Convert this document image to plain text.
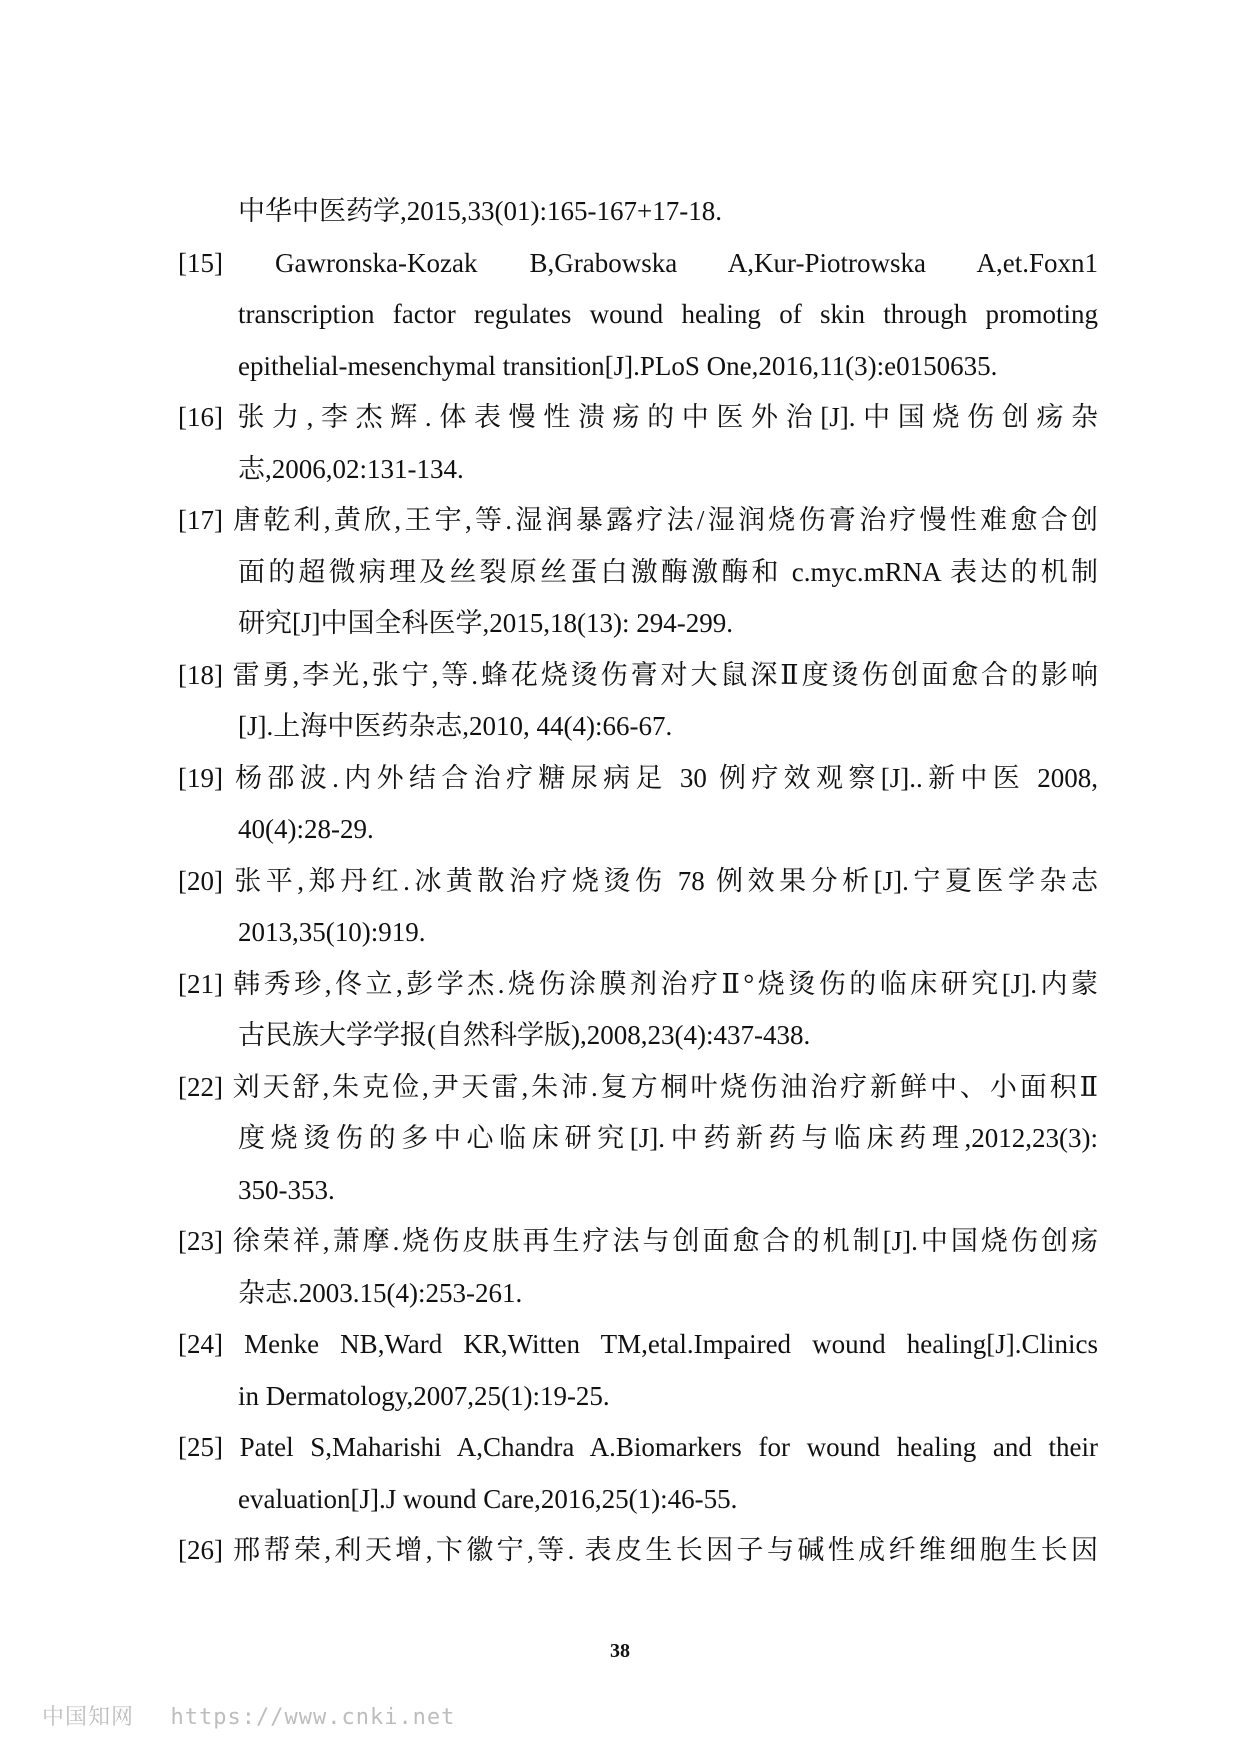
中华中医药学,2015,33(01):165-167+17-18.
[15] Gawronska-Kozak B,Grabowska A,Kur-Piotrowska A,et.Foxn1
transcription factor regulates wound healing of skin through promoting
epithelial-mesenchymal transition[J].PLoS One,2016,11(3):e0150635.
[16] 张力,李杰辉.体表慢性溃疡的中医外治[J].中国烧伤创疡杂
志,2006,02:131-134.
[17] 唐乾利,黄欣,王宇,等.湿润暴露疗法/湿润烧伤膏治疗慢性难愈合创
面的超微病理及丝裂原丝蛋白激酶激酶和 c.myc.mRNA 表达的机制
研究[J]中国全科医学,2015,18(13): 294-299.
[18] 雷勇,李光,张宁,等.蜂花烧烫伤膏对大鼠深Ⅱ度烫伤创面愈合的影响
[J].上海中医药杂志,2010, 44(4):66-67.
[19] 杨邵波.内外结合治疗糖尿病足 30 例疗效观察[J]..新中医 2008,
40(4):28-29.
[20] 张平,郑丹红.冰黄散治疗烧烫伤 78 例效果分析[J].宁夏医学杂志
2013,35(10):919.
[21] 韩秀珍,佟立,彭学杰.烧伤涂膜剂治疗Ⅱ°烧烫伤的临床研究[J].内蒙
古民族大学学报(自然科学版),2008,23(4):437-438.
[22] 刘天舒,朱克俭,尹天雷,朱沛.复方桐叶烧伤油治疗新鲜中、小面积Ⅱ
度烧烫伤的多中心临床研究[J].中药新药与临床药理,2012,23(3):
350-353.
[23] 徐荣祥,萧摩.烧伤皮肤再生疗法与创面愈合的机制[J].中国烧伤创疡
杂志.2003.15(4):253-261.
[24] Menke NB,Ward KR,Witten TM,etal.Impaired wound healing[J].Clinics
in Dermatology,2007,25(1):19-25.
[25] Patel S,Maharishi A,Chandra A.Biomarkers for wound healing and their
evaluation[J].J wound Care,2016,25(1):46-55.
[26] 邢帮荣,利天增,卞徽宁,等. 表皮生长因子与碱性成纤维细胞生长因
38
中国知网 https://www.cnki.net
